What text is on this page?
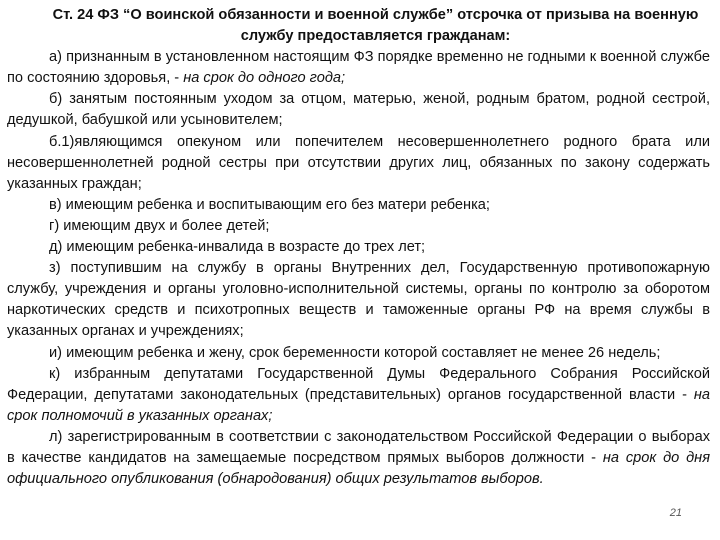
Ст. 24 ФЗ “О воинской обязанности и военной службе” отсрочка от призыва на военную службу предоставляется гражданам:

а) признанным в установленном настоящим ФЗ порядке временно не годными к военной службе по состоянию здоровья, - на срок до одного года;

б) занятым постоянным уходом за отцом, матерью, женой, родным братом, родной сестрой, дедушкой, бабушкой или усыновителем;

б.1)являющимся опекуном или попечителем несовершеннолетнего родного брата или несовершеннолетней родной сестры при отсутствии других лиц, обязанных по закону содержать указанных граждан;

в) имеющим ребенка и воспитывающим его без матери ребенка;

г) имеющим двух и более детей;

д) имеющим ребенка-инвалида в возрасте до трех лет;

з) поступившим на службу в органы Внутренних дел, Государственную противопожарную службу, учреждения и органы уголовно-исполнительной системы, органы по контролю за оборотом наркотических средств и психотропных веществ и таможенные органы РФ на время службы в указанных органах и учреждениях;

и) имеющим ребенка и жену, срок беременности которой составляет не менее 26 недель;

к) избранным депутатами Государственной Думы Федерального Собрания Российской Федерации, депутатами законодательных (представительных) органов государственной власти - на срок полномочий в указанных органах;

л) зарегистрированным в соответствии с законодательством Российской Федерации о выборах в качестве кандидатов на замещаемые посредством прямых выборов должности - на срок до дня официального опубликования (обнародования) общих результатов выборов.

21
